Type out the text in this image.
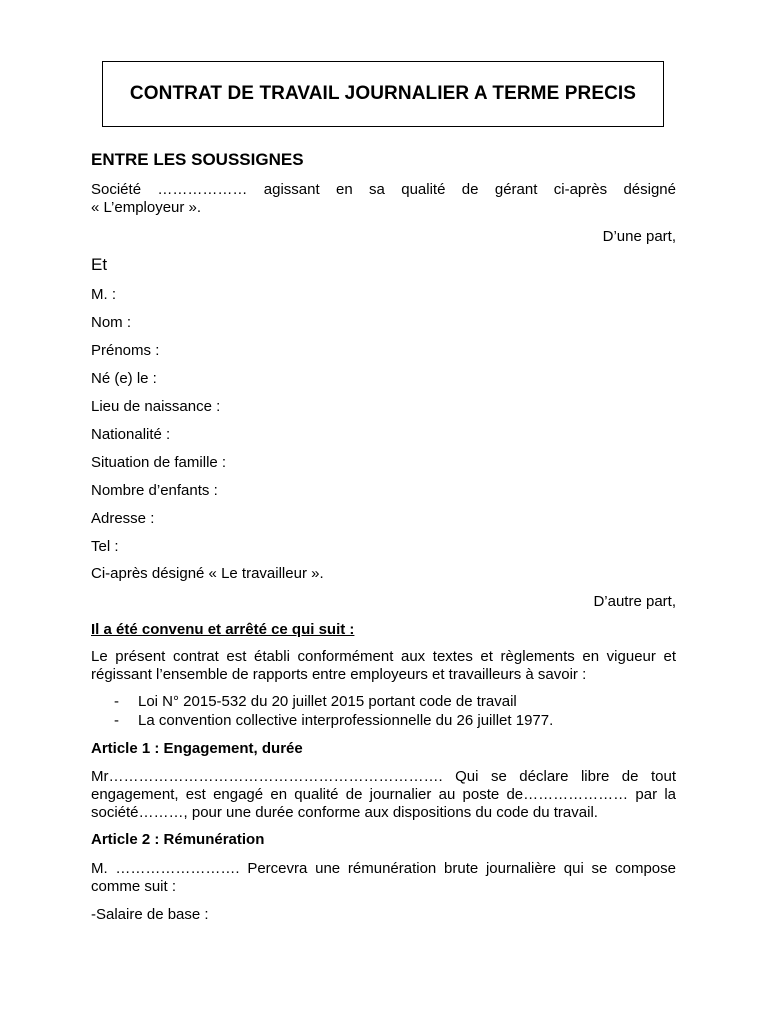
CONTRAT DE TRAVAIL JOURNALIER A TERME PRECIS
ENTRE LES SOUSSIGNES
Société ……………… agissant en sa qualité de gérant ci-après désigné
« L’employeur ».
D’une part,
Et
M. :
Nom :
Prénoms :
Né (e) le :
Lieu de naissance :
Nationalité :
Situation de famille :
Nombre d’enfants :
Adresse :
Tel :
Ci-après désigné « Le travailleur ».
D’autre part,
Il a été convenu et arrêté ce qui suit :
Le présent contrat est établi conformément aux textes et règlements en vigueur et
régissant l’ensemble de rapports entre employeurs et travailleurs à savoir :
- Loi N° 2015-532 du 20 juillet 2015 portant code de travail
- La convention collective interprofessionnelle du 26 juillet 1977.
Article 1 : Engagement, durée
Mr…………………………………………………………. Qui se déclare libre de tout
engagement, est engagé en qualité de journalier au poste de………………… par la
société………, pour une durée conforme aux dispositions du code du travail.
Article 2 : Rémunération
M. ……………………. Percevra une rémunération brute journalière qui se compose
comme suit :
-Salaire de base :
